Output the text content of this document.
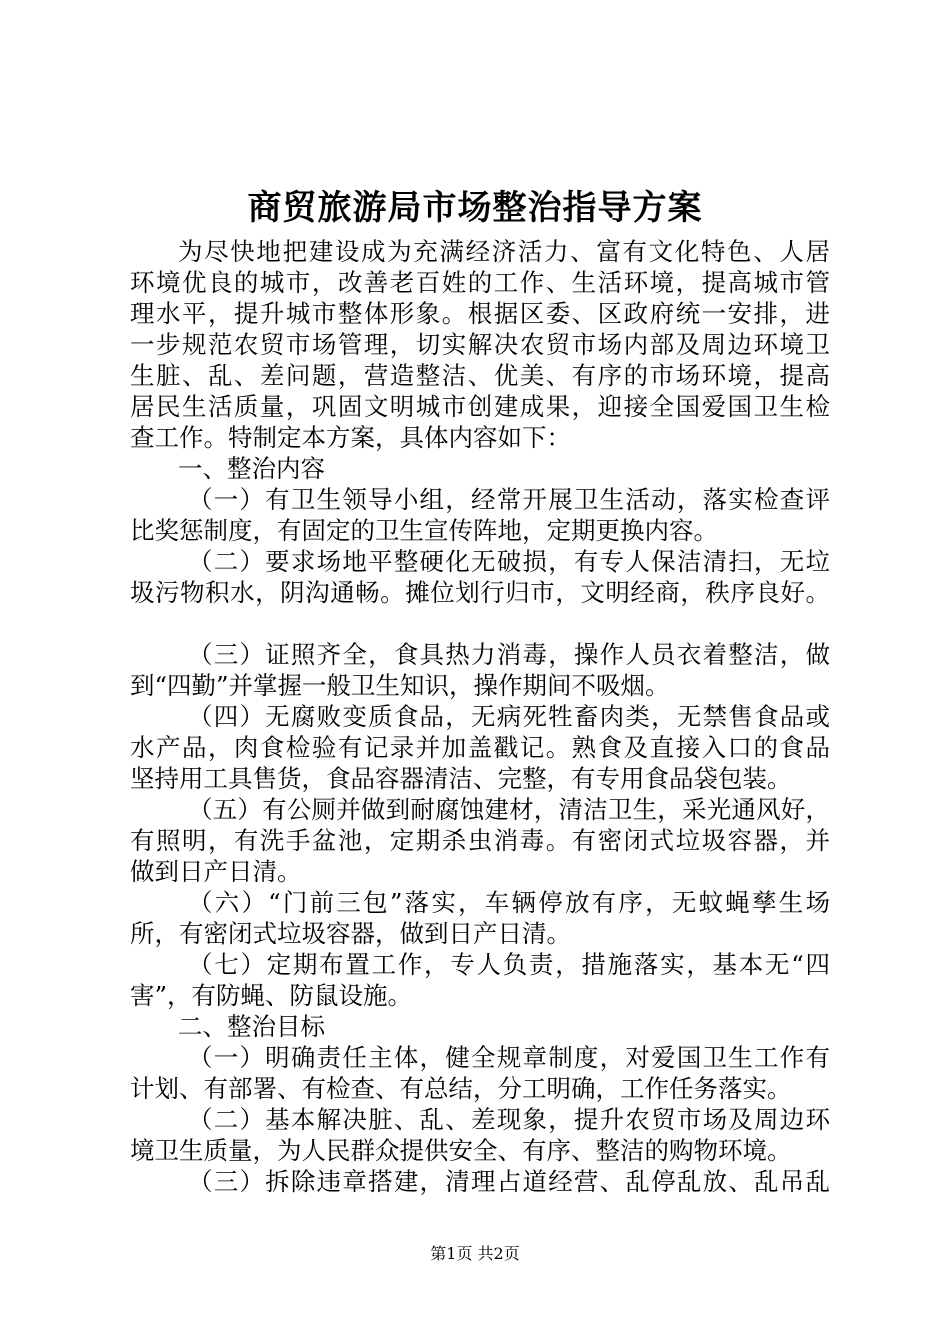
商贸旅游局市场整治指导方案
为尽快地把建设成为充满经济活力、富有文化特色、人居
环境优良的城市，改善老百姓的工作、生活环境，提高城市管
理水平，提升城市整体形象。根据区委、区政府统一安排，进
一步规范农贸市场管理，切实解决农贸市场内部及周边环境卫
生脏、乱、差问题，营造整洁、优美、有序的市场环境，提高
居民生活质量，巩固文明城市创建成果，迎接全国爱国卫生检
查工作。特制定本方案，具体内容如下：
一、整治内容
（一）有卫生领导小组，经常开展卫生活动，落实检查评
比奖惩制度，有固定的卫生宣传阵地，定期更换内容。
（二）要求场地平整硬化无破损，有专人保洁清扫，无垃
圾污物积水，阴沟通畅。摊位划行归市，文明经商，秩序良好。
（三）证照齐全，食具热力消毒，操作人员衣着整洁，做
到“四勤”并掌握一般卫生知识，操作期间不吸烟。
（四）无腐败变质食品，无病死牲畜肉类，无禁售食品或
水产品，肉食检验有记录并加盖戳记。熟食及直接入口的食品
坚持用工具售货，食品容器清洁、完整，有专用食品袋包装。
（五）有公厕并做到耐腐蚀建材，清洁卫生，采光通风好，
有照明，有洗手盆池，定期杀虫消毒。有密闭式垃圾容器，并
做到日产日清。
（六）“门前三包”落实，车辆停放有序，无蚊蝇孳生场
所，有密闭式垃圾容器，做到日产日清。
（七）定期布置工作，专人负责，措施落实，基本无“四
害”，有防蝇、防鼠设施。
二、整治目标
（一）明确责任主体，健全规章制度，对爱国卫生工作有
计划、有部署、有检查、有总结，分工明确，工作任务落实。
（二）基本解决脏、乱、差现象，提升农贸市场及周边环
境卫生质量，为人民群众提供安全、有序、整洁的购物环境。
（三）拆除违章搭建，清理占道经营、乱停乱放、乱吊乱
第1页 共2页
